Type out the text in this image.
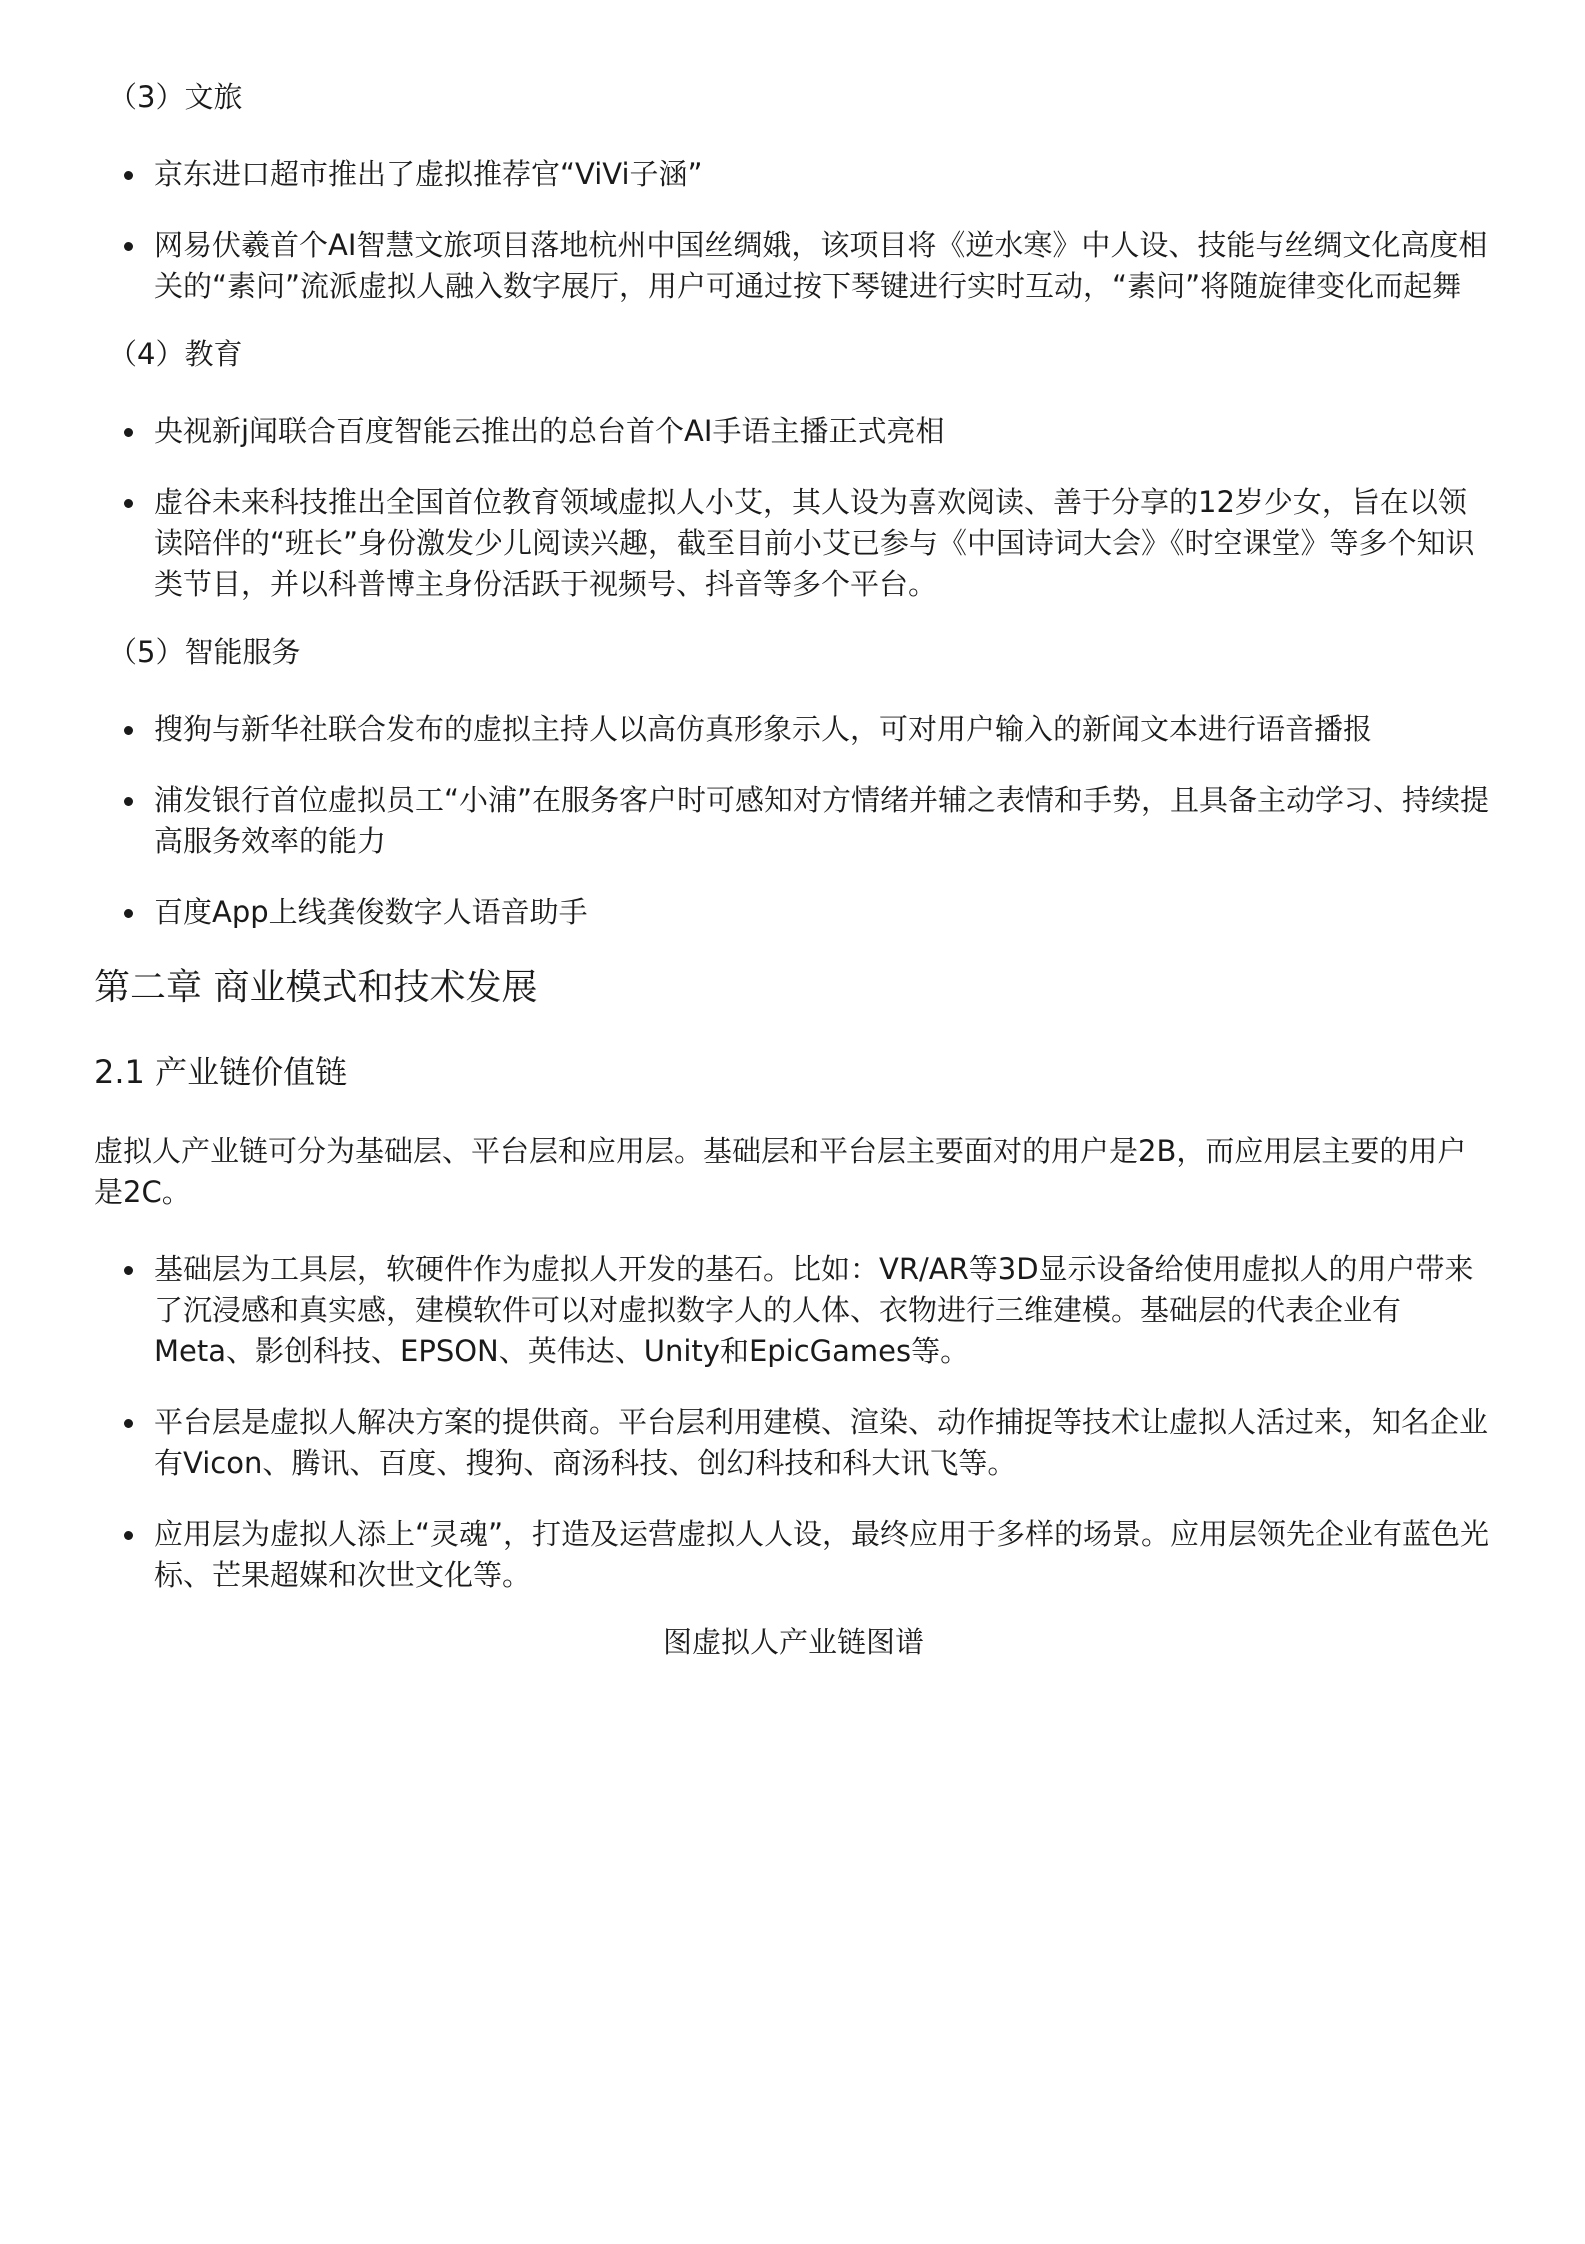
（3）文旅
京东进口超市推出了虚拟推荐官“ViVi子涵”
网易伏羲首个AI智慧文旅项目落地杭州中国丝绸娥，该项目将《逆水寒》中人设、技能与丝绸文化高度相关的“素问”流派虚拟人融入数字展厅，用户可通过按下琴键进行实时互动，“素问”将随旋律变化而起舞
（4）教育
央视新j闻联合百度智能云推出的总台首个AI手语主播正式亮相
虚谷未来科技推出全国首位教育领域虚拟人小艾，其人设为喜欢阅读、善于分享的12岁少女，旨在以领读陪伴的“班长”身份激发少儿阅读兴趣，截至目前小艾已参与《中国诗词大会》《时空课堂》等多个知识类节目，并以科普博主身份活跃于视频号、抖音等多个平台。
（5）智能服务
搜狗与新华社联合发布的虚拟主持人以高仿真形象示人，可对用户输入的新闻文本进行语音播报
浦发银行首位虚拟员工“小浦”在服务客户时可感知对方情绪并辅之表情和手势，且具备主动学习、持续提高服务效率的能力
百度App上线龚俊数字人语音助手
第二章 商业模式和技术发展
2.1 产业链价值链
虚拟人产业链可分为基础层、平台层和应用层。基础层和平台层主要面对的用户是2B，而应用层主要的用户是2C。
基础层为工具层，软硬件作为虚拟人开发的基石。比如：VR/AR等3D显示设备给使用虚拟人的用户带来了沉浸感和真实感，建模软件可以对虚拟数字人的人体、衣物进行三维建模。基础层的代表企业有Meta、影创科技、EPSON、英伟达、Unity和EpicGames等。
平台层是虚拟人解决方案的提供商。平台层利用建模、渲染、动作捕捉等技术让虚拟人活过来，知名企业有Vicon、腾讯、百度、搜狗、商汤科技、创幻科技和科大讯飞等。
应用层为虚拟人添上“灵魂”，打造及运营虚拟人人设，最终应用于多样的场景。应用层领先企业有蓝色光标、芒果超媒和次世文化等。
图虚拟人产业链图谱
